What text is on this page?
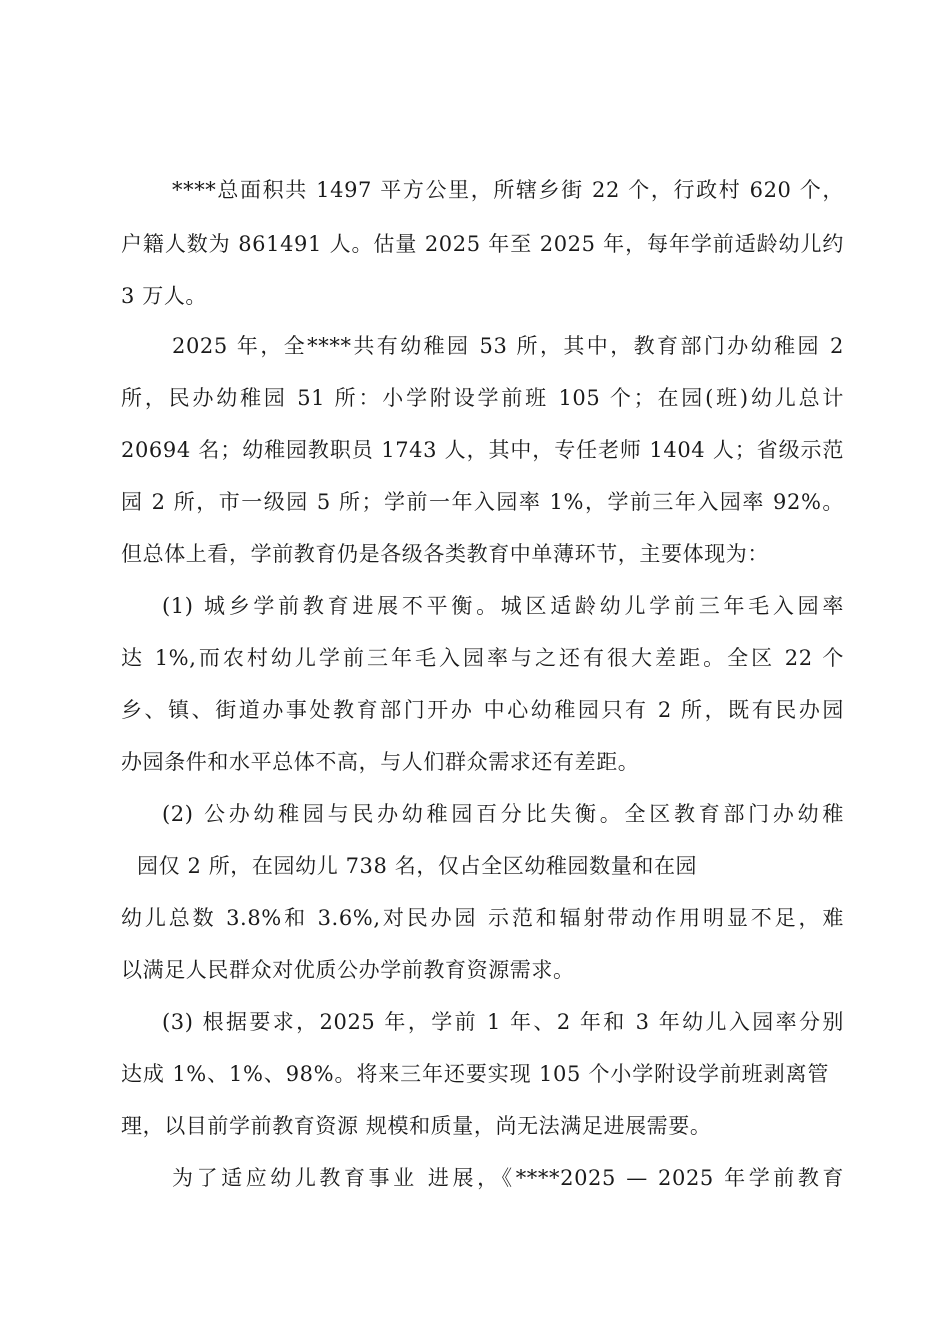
****总面积共 1497 平方公里，所辖乡街 22 个，行政村 620 个，
户籍人数为 861491 人。估量 2025 年至 2025 年，每年学前适龄幼儿约
3 万人。
2025 年，全****共有幼稚园 53 所，其中，教育部门办幼稚园 2
所，民办幼稚园 51 所：小学附设学前班 105 个；在园(班)幼儿总计
20694 名；幼稚园教职员 1743 人，其中，专任老师 1404 人；省级示范
园 2 所，市一级园 5 所；学前一年入园率 1%，学前三年入园率 92%。
但总体上看，学前教育仍是各级各类教育中单薄环节，主要体现为：
(1) 城乡学前教育进展不平衡。城区适龄幼儿学前三年毛入园率
达 1%,而农村幼儿学前三年毛入园率与之还有很大差距。全区 22 个
乡、镇、街道办事处教育部门开办 中心幼稚园只有 2 所，既有民办园
办园条件和水平总体不高，与人们群众需求还有差距。
(2) 公办幼稚园与民办幼稚园百分比失衡。全区教育部门办幼稚
园仅 2 所，在园幼儿 738 名，仅占全区幼稚园数量和在园
幼儿总数 3.8%和 3.6%,对民办园 示范和辐射带动作用明显不足，难
以满足人民群众对优质公办学前教育资源需求。
(3) 根据要求，2025 年，学前 1 年、2 年和 3 年幼儿入园率分别
达成 1%、1%、98%。将来三年还要实现 105 个小学附设学前班剥离管
理，以目前学前教育资源 规模和质量，尚无法满足进展需要。
为了适应幼儿教育事业 进展，《****2025 — 2025 年学前教育
